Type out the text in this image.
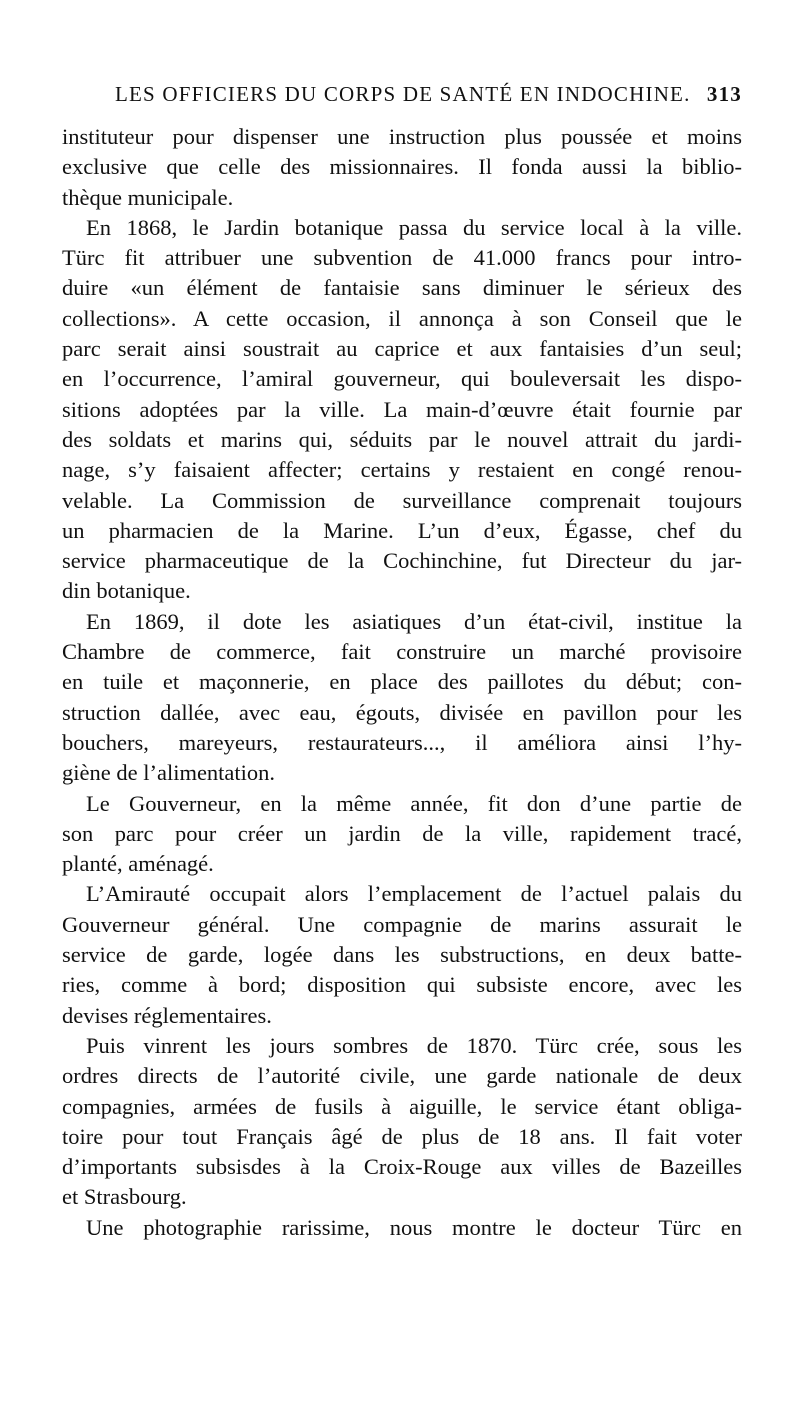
LES OFFICIERS DU CORPS DE SANTÉ EN INDOCHINE. 313
instituteur pour dispenser une instruction plus poussée et moins
exclusive que celle des missionnaires. Il fonda aussi la biblio-
thèque municipale.
En 1868, le Jardin botanique passa du service local à la ville.
Türc fit attribuer une subvention de 41.000 francs pour intro-
duire «un élément de fantaisie sans diminuer le sérieux des
collections». A cette occasion, il annonça à son Conseil que le
parc serait ainsi soustrait au caprice et aux fantaisies d’un seul;
en l’occurrence, l’amiral gouverneur, qui bouleversait les dispo-
sitions adoptées par la ville. La main-d’œuvre était fournie par
des soldats et marins qui, séduits par le nouvel attrait du jardi-
nage, s’y faisaient affecter; certains y restaient en congé renou-
velable. La Commission de surveillance comprenait toujours
un pharmacien de la Marine. L’un d’eux, Égasse, chef du
service pharmaceutique de la Cochinchine, fut Directeur du jar-
din botanique.
En 1869, il dote les asiatiques d’un état-civil, institue la
Chambre de commerce, fait construire un marché provisoire
en tuile et maçonnerie, en place des paillotes du début; con-
struction dallée, avec eau, égouts, divisée en pavillon pour les
bouchers, mareyeurs, restaurateurs..., il améliora ainsi l’hy-
giène de l’alimentation.
Le Gouverneur, en la même année, fit don d’une partie de
son parc pour créer un jardin de la ville, rapidement tracé,
planté, aménagé.
L’Amirauté occupait alors l’emplacement de l’actuel palais du
Gouverneur général. Une compagnie de marins assurait le
service de garde, logée dans les substructions, en deux batte-
ries, comme à bord; disposition qui subsiste encore, avec les
devises réglementaires.
Puis vinrent les jours sombres de 1870. Türc crée, sous les
ordres directs de l’autorité civile, une garde nationale de deux
compagnies, armées de fusils à aiguille, le service étant obliga-
toire pour tout Français âgé de plus de 18 ans. Il fait voter
d’importants subsisdes à la Croix-Rouge aux villes de Bazeilles
et Strasbourg.
Une photographie rarissime, nous montre le docteur Türc en
